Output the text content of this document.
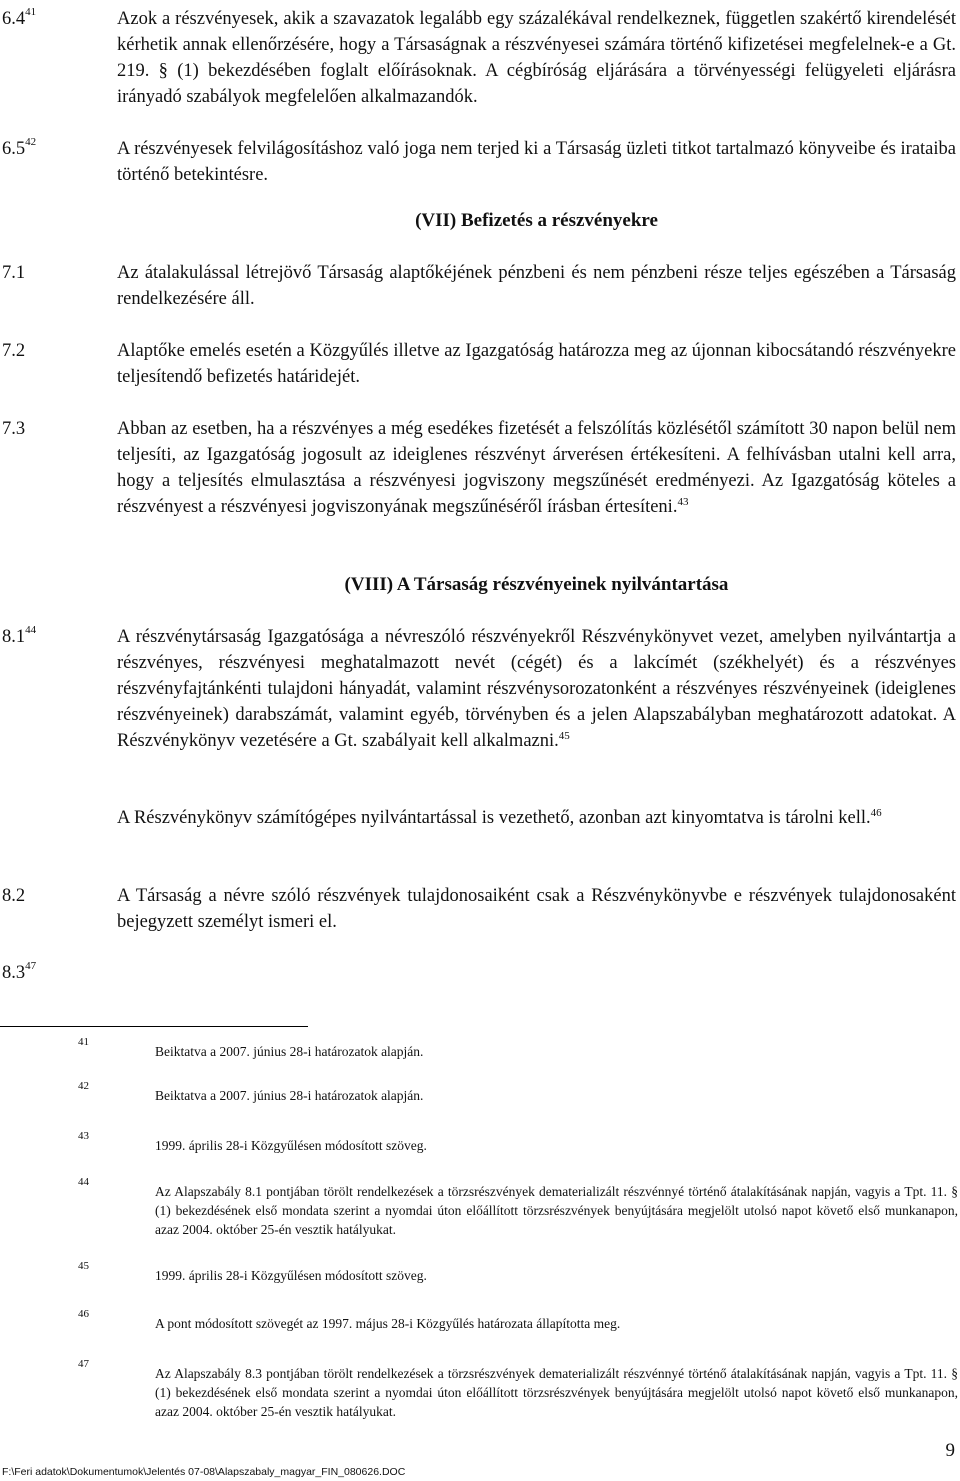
$6.4^{41}$	Azok a részvényesek, akik a szavazatok legalább egy százalékával rendelkeznek, független szakértő kirendelését kérhetik annak ellenőrzésére, hogy a Társaságnak a részvényesei számára történő kifizetései megfelelnek-e a Gt. 219. § (1) bekezdésében foglalt előírásoknak. A cégbíróság eljárására a törvényességi felügyeleti eljárásra irányadó szabályok megfelelően alkalmazandók.
$6.5^{42}$	A részvényesek felvilágosításhoz való joga nem terjed ki a Társaság üzleti titkot tartalmazó könyveibe és irataiba történő betekintésre.
(VII) Befizetés a részvényekre
7.1	Az átalakulással létrejövő Társaság alaptőkéjének pénzbeni és nem pénzbeni része teljes egészében a Társaság rendelkezésére áll.
7.2	Alaptőke emelés esetén a Közgyűlés illetve az Igazgatóság határozza meg az újonnan kibocsátandó részvényekre teljesítendő befizetés határidejét.
7.3	Abban az esetben, ha a részvényes a még esedékes fizetését a felszólítás közlésétől számított 30 napon belül nem teljesíti, az Igazgatóság jogosult az ideiglenes részvényt árverésen értékesíteni. A felhívásban utalni kell arra, hogy a teljesítés elmulasztása a részvényesi jogviszony megszűnését eredményezi. Az Igazgatóság köteles a részvényest a részvényesi jogviszonyának megszűnéséről írásban értesíteni.$^{43}$
(VIII) A Társaság részvényeinek nyilvántartása
$8.1^{44}$	A részvénytársaság Igazgatósága a névreszóló részvényekről Részvénykönyvet vezet, amelyben nyilvántartja a részvényes, részvényesi meghatalmazott nevét (cégét) és a lakcímét (székhelyét) és a részvényes részvényfajtánkénti tulajdoni hányadát, valamint részvénysorozatonként a részvényes részvényeinek (ideiglenes részvényeinek) darabszámát, valamint egyéb, törvényben és a jelen Alapszabályban meghatározott adatokat. A Részvénykönyv vezetésére a Gt. szabályait kell alkalmazni.$^{45}$
A Részvénykönyv számítógépes nyilvántartással is vezethető, azonban azt kinyomtatva is tárolni kell.$^{46}$
8.2	A Társaság a névre szóló részvények tulajdonosaiként csak a Részvénykönyvbe e részvények tulajdonosaként bejegyzett személyt ismeri el.
$8.3^{47}$
41
Beiktatva a 2007. június 28-i határozatok alapján.
42
Beiktatva a 2007. június 28-i határozatok alapján.
43
1999. április 28-i Közgyűlésen módosított szöveg.
44
Az Alapszabály 8.1 pontjában törölt rendelkezések a törzsrészvények dematerializált részvénnyé történő átalakításának napján, vagyis a Tpt. 11. § (1) bekezdésének első mondata szerint a nyomdai úton előállított törzsrészvények benyújtására megjelölt utolsó napot követő első munkanapon, azaz 2004. október 25-én vesztik hatályukat.
45
1999. április 28-i Közgyűlésen módosított szöveg.
46
A pont módosított szövegét az 1997. május 28-i Közgyűlés határozata állapította meg.
47
Az Alapszabály 8.3 pontjában törölt rendelkezések a törzsrészvények dematerializált részvénnyé történő átalakításának napján, vagyis a Tpt. 11. § (1) bekezdésének első mondata szerint a nyomdai úton előállított törzsrészvények benyújtására megjelölt utolsó napot követő első munkanapon, azaz 2004. október 25-én vesztik hatályukat.
9
F:\Feri adatok\Dokumentumok\Jelentés 07-08\Alapszabaly_magyar_FIN_080626.DOC
